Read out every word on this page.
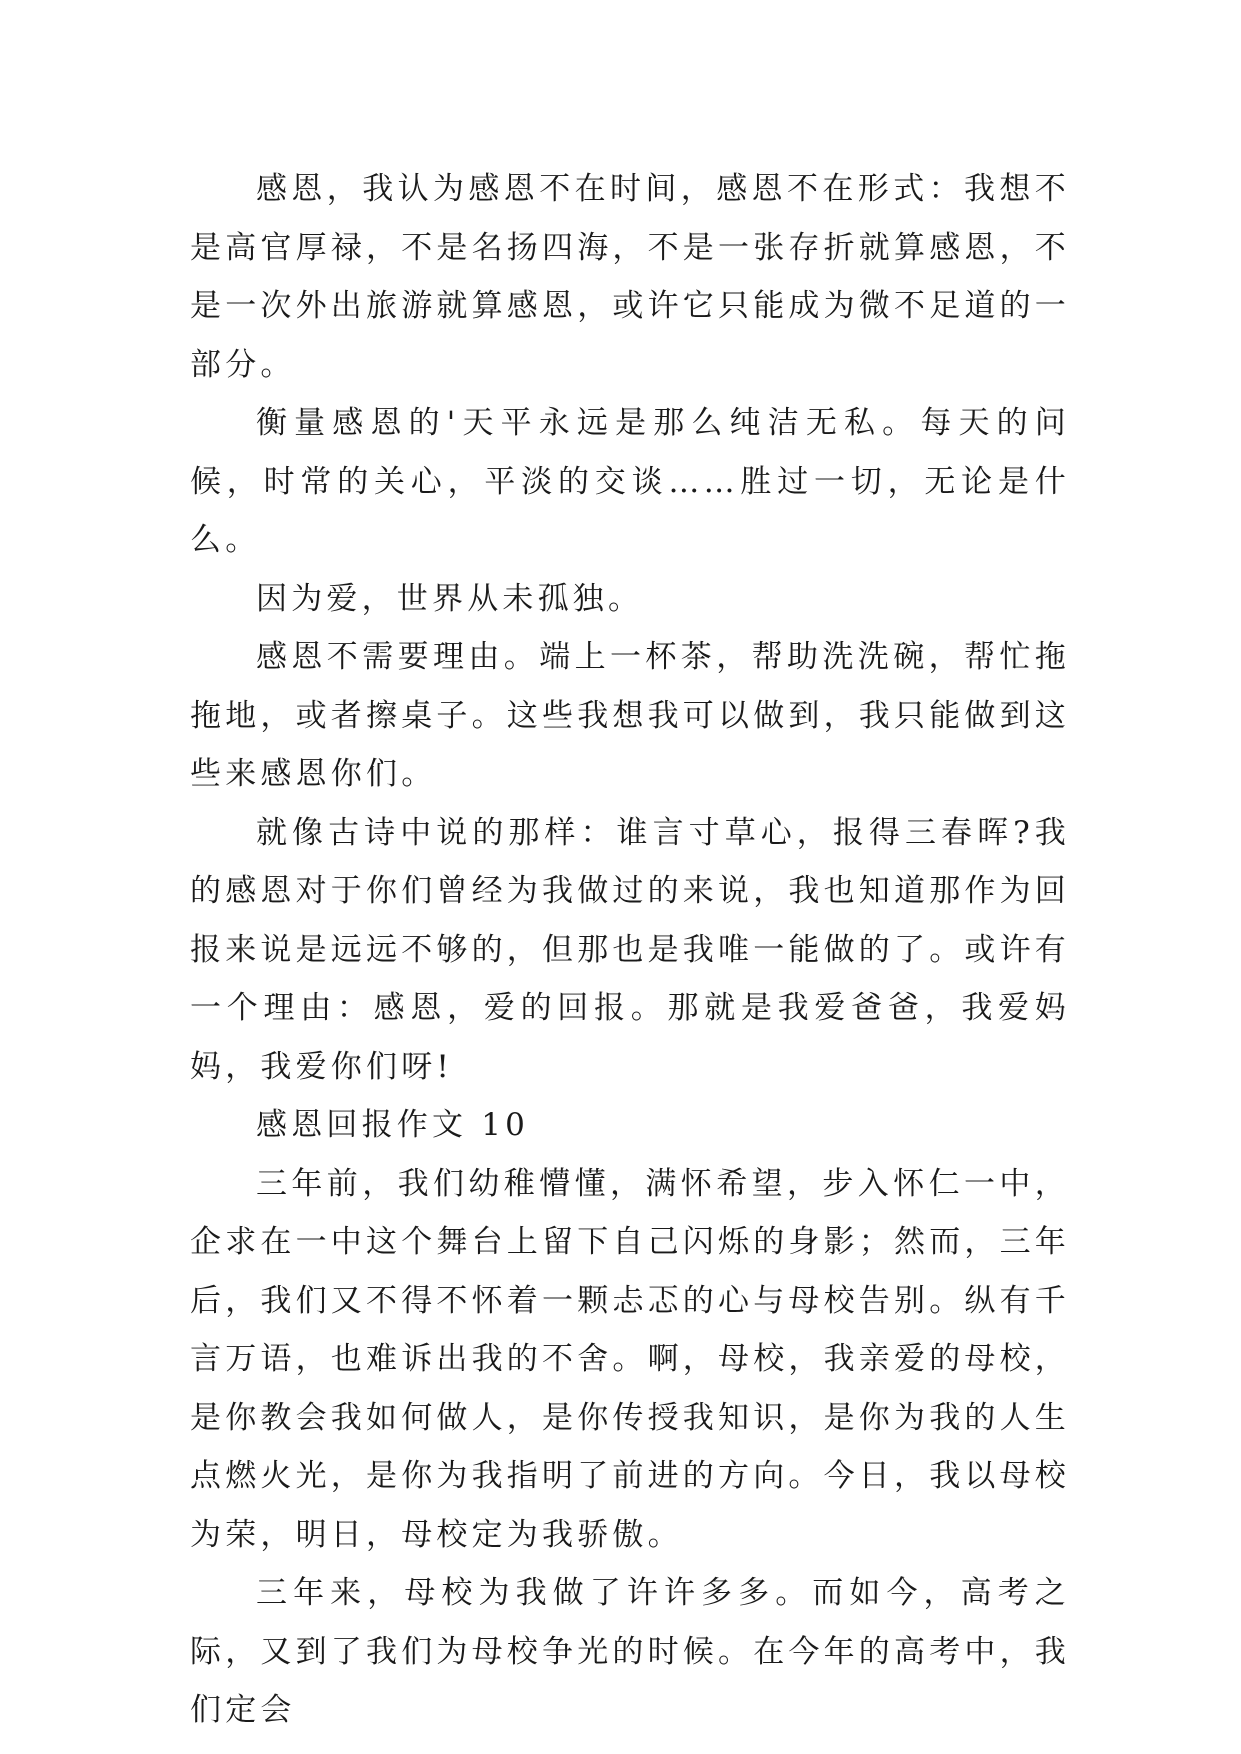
感恩，我认为感恩不在时间，感恩不在形式：我想不是高官厚禄，不是名扬四海，不是一张存折就算感恩，不是一次外出旅游就算感恩，或许它只能成为微不足道的一部分。

衡量感恩的'天平永远是那么纯洁无私。每天的问候，时常的关心，平淡的交谈……胜过一切，无论是什么。

因为爱，世界从未孤独。

感恩不需要理由。端上一杯茶，帮助洗洗碗，帮忙拖拖地，或者擦桌子。这些我想我可以做到，我只能做到这些来感恩你们。

就像古诗中说的那样：谁言寸草心，报得三春晖?我的感恩对于你们曾经为我做过的来说，我也知道那作为回报来说是远远不够的，但那也是我唯一能做的了。或许有一个理由：感恩，爱的回报。那就是我爱爸爸，我爱妈妈，我爱你们呀!

感恩回报作文 10

三年前，我们幼稚懵懂，满怀希望，步入怀仁一中，企求在一中这个舞台上留下自己闪烁的身影；然而，三年后，我们又不得不怀着一颗忐忑的心与母校告别。纵有千言万语，也难诉出我的不舍。啊，母校，我亲爱的母校，是你教会我如何做人，是你传授我知识，是你为我的人生点燃火光，是你为我指明了前进的方向。今日，我以母校为荣，明日，母校定为我骄傲。

三年来，母校为我做了许许多多。而如今，高考之际，又到了我们为母校争光的时候。在今年的高考中，我们定会
